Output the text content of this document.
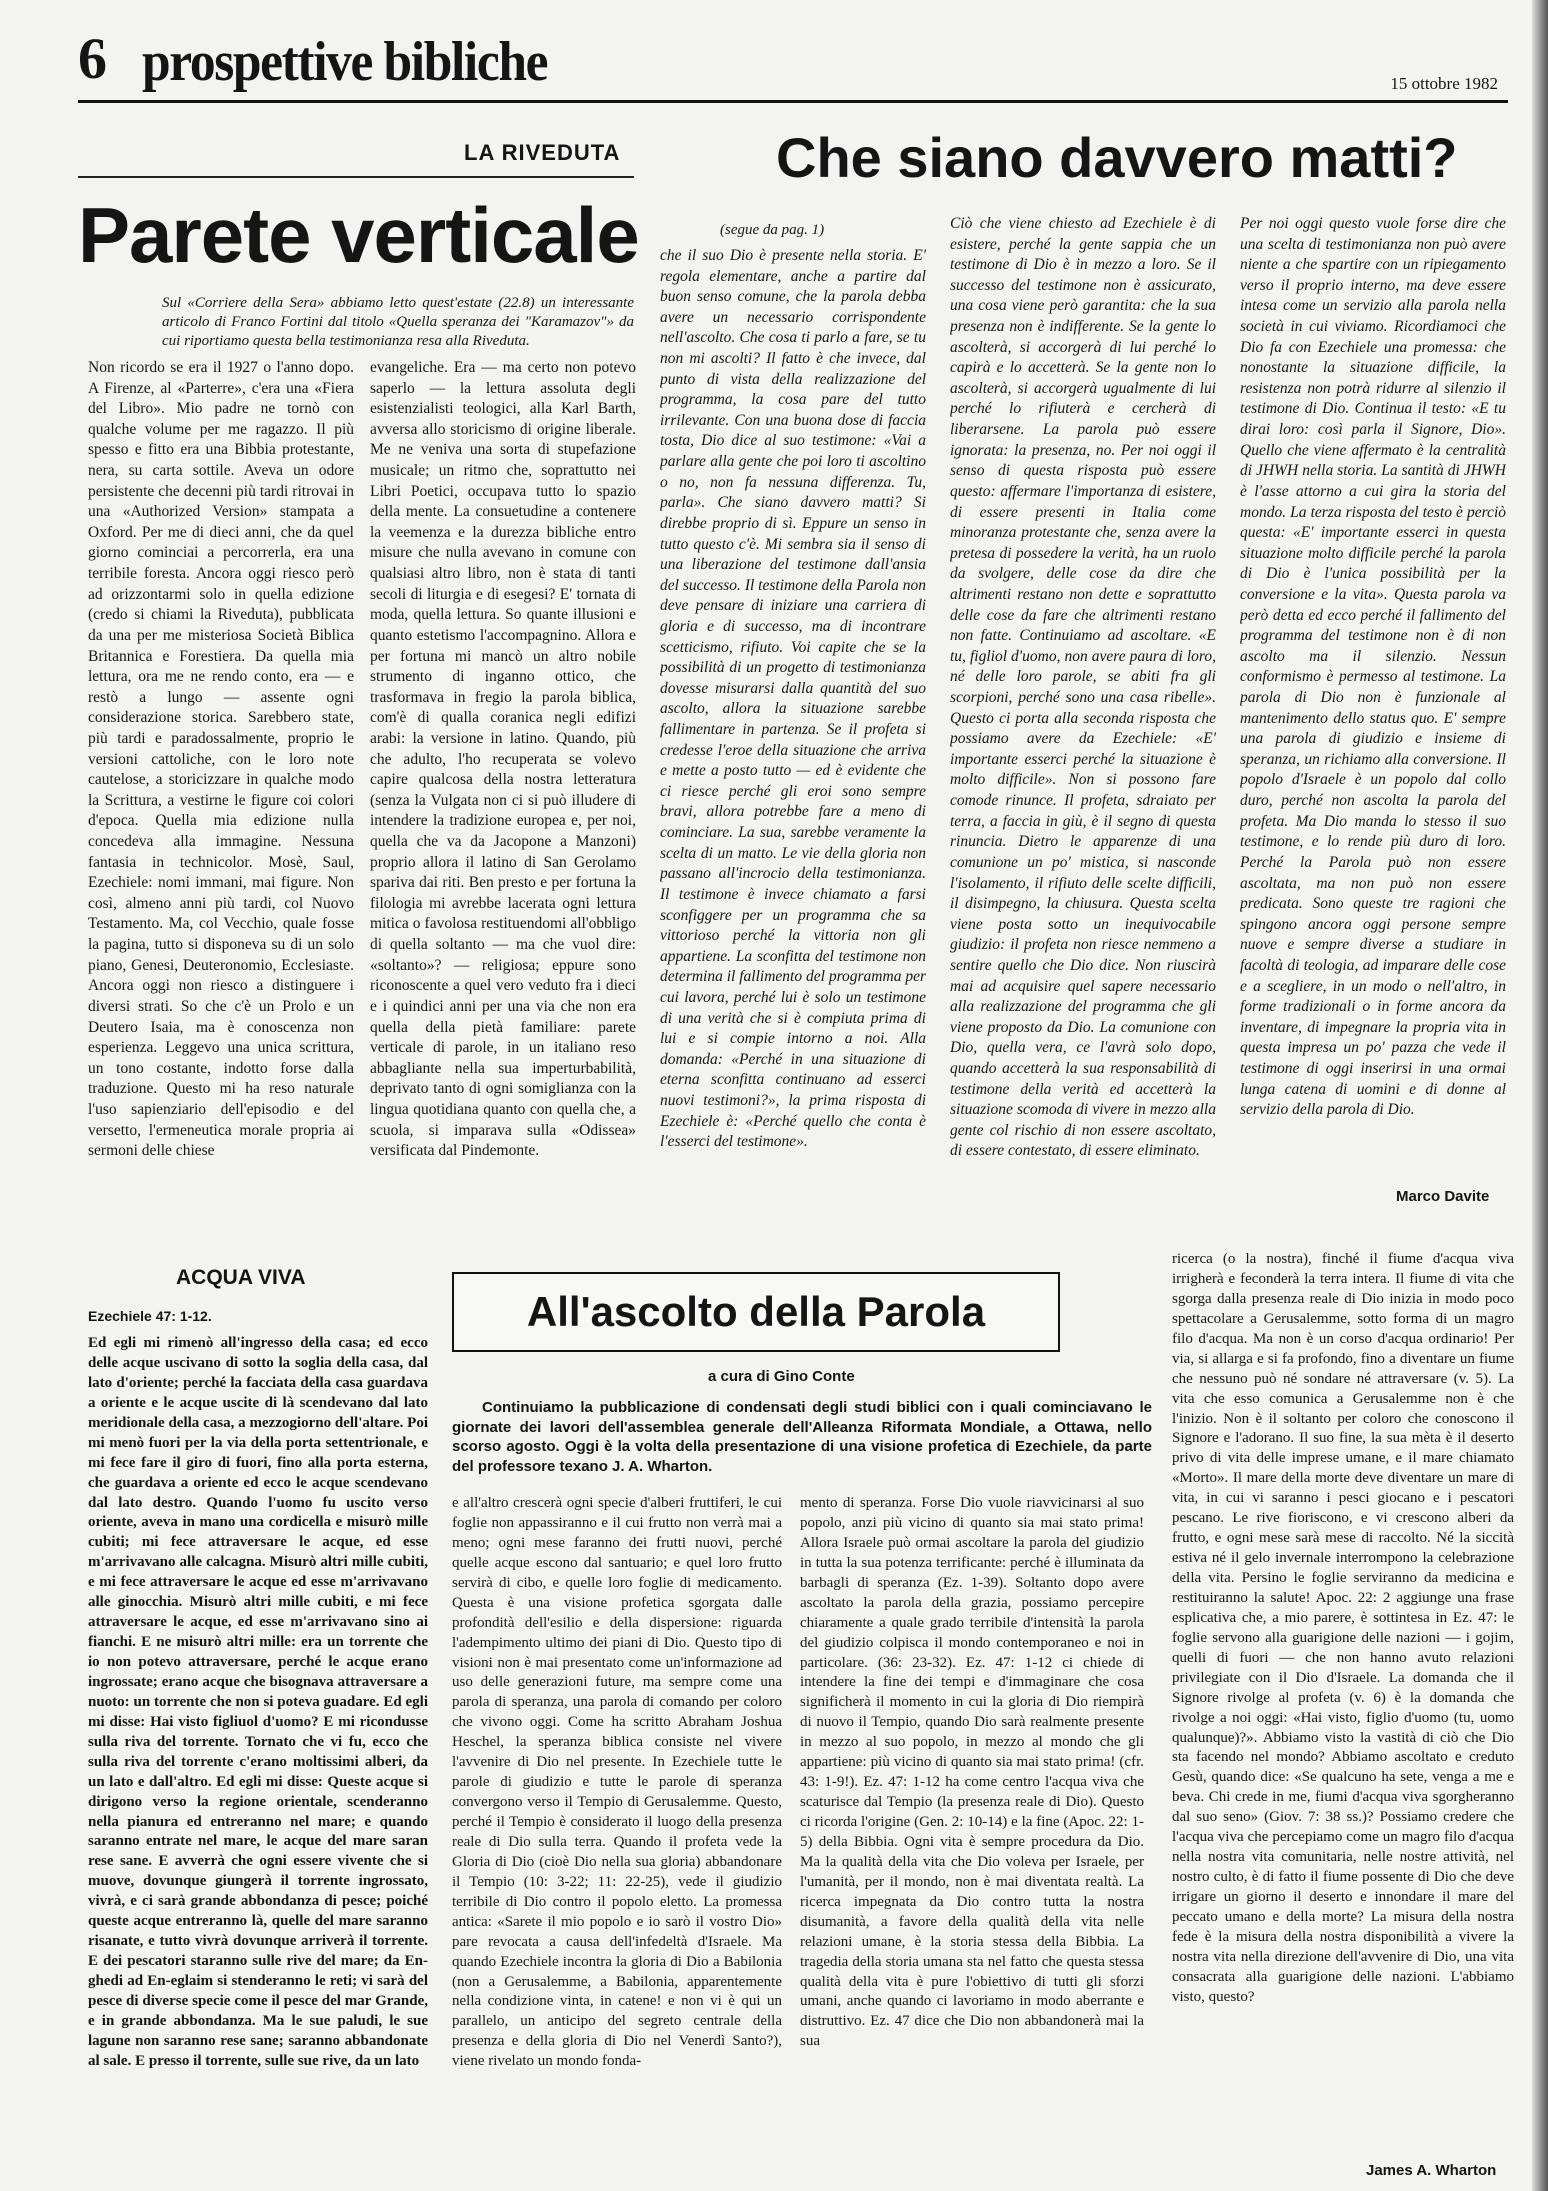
6 prospettive bibliche	15 ottobre 1982
LA RIVEDUTA
Parete verticale
Sul «Corriere della Sera» abbiamo letto quest'estate (22.8) un interessante articolo di Franco Fortini dal titolo «Quella speranza dei "Karamazov"» da cui riportiamo questa bella testimonianza resa alla Riveduta.
Non ricordo se era il 1927 o l'anno dopo. A Firenze, al «Parterre», c'era una «Fiera del Libro». Mio padre ne tornò con qualche volume per me ragazzo. Il più spesso e fitto era una Bibbia protestante, nera, su carta sottile. Aveva un odore persistente che decenni più tardi ritrovai in una «Authorized Version» stampata a Oxford. Per me di dieci anni, che da quel giorno cominciai a percorrerla, era una terribile foresta. Ancora oggi riesco però ad orizzontarmi solo in quella edizione (credo si chiami la Riveduta), pubblicata da una per me misteriosa Società Biblica Britannica e Forestiera. Da quella mia lettura, ora me ne rendo conto, era — e restò a lungo — assente ogni considerazione storica. Sarebbero state, più tardi e paradossalmente, proprio le versioni cattoliche, con le loro note cautelose, a storicizzare in qualche modo la Scrittura, a vestirne le figure coi colori d'epoca. Quella mia edizione nulla concedeva alla immagine. Nessuna fantasia in technicolor. Mosè, Saul, Ezechiele: nomi immani, mai figure. Non così, almeno anni più tardi, col Nuovo Testamento. Ma, col Vecchio, quale fosse la pagina, tutto si disponeva su di un solo piano, Genesi, Deuteronomio, Ecclesiaste. Ancora oggi non riesco a distinguere i diversi strati. So che c'è un Prolo e un Deutero Isaia, ma è conoscenza non esperienza. Leggevo una unica scrittura, un tono costante, indotto forse dalla traduzione. Questo mi ha reso naturale l'uso sapienziario dell'episodio e del versetto, l'ermeneutica morale propria ai sermoni delle chiese
evangeliche. Era — ma certo non potevo saperlo — la lettura assoluta degli esistenzialisti teologici, alla Karl Barth, avversa allo storicismo di origine liberale. Me ne veniva una sorta di stupefazione musicale; un ritmo che, soprattutto nei Libri Poetici, occupava tutto lo spazio della mente. La consuetudine a contenere la veemenza e la durezza bibliche entro misure che nulla avevano in comune con qualsiasi altro libro, non è stata di tanti secoli di liturgia e di esegesi? E' tornata di moda, quella lettura. So quante illusioni e quanto estetismo l'accompagnino. Allora e per fortuna mi mancò un altro nobile strumento di inganno ottico, che trasformava in fregio la parola biblica, com'è di qualla coranica negli edifizi arabi: la versione in latino. Quando, più che adulto, l'ho recuperata se volevo capire qualcosa della nostra letteratura (senza la Vulgata non ci si può illudere di intendere la tradizione europea e, per noi, quella che va da Jacopone a Manzoni) proprio allora il latino di San Gerolamo spariva dai riti. Ben presto e per fortuna la filologia mi avrebbe lacerata ogni lettura mitica o favolosa restituendomi all'obbligo di quella soltanto — ma che vuol dire: «soltanto»? — religiosa; eppure sono riconoscente a quel vero veduto fra i dieci e i quindici anni per una via che non era quella della pietà familiare: parete verticale di parole, in un italiano reso abbagliante nella sua imperturbabilità, deprivato tanto di ogni somiglianza con la lingua quotidiana quanto con quella che, a scuola, si imparava sulla «Odissea» versificata dal Pindemonte.
Che siano davvero matti?
(segue da pag. 1)
che il suo Dio è presente nella storia. E' regola elementare, anche a partire dal buon senso comune, che la parola debba avere un necessario corrispondente nell'ascolto. Che cosa ti parlo a fare, se tu non mi ascolti? Il fatto è che invece, dal punto di vista della realizzazione del programma, la cosa pare del tutto irrilevante. Con una buona dose di faccia tosta, Dio dice al suo testimone: «Vai a parlare alla gente che poi loro ti ascoltino o no, non fa nessuna differenza. Tu, parla». Che siano davvero matti? Si direbbe proprio di sì. Eppure un senso in tutto questo c'è. Mi sembra sia il senso di una liberazione del testimone dall'ansia del successo. Il testimone della Parola non deve pensare di iniziare una carriera di gloria e di successo, ma di incontrare scetticismo, rifiuto. Voi capite che se la possibilità di un progetto di testimonianza dovesse misurarsi dalla quantità del suo ascolto, allora la situazione sarebbe fallimentare in partenza. Se il profeta si credesse l'eroe della situazione che arriva e mette a posto tutto — ed è evidente che ci riesce perché gli eroi sono sempre bravi, allora potrebbe fare a meno di cominciare. La sua, sarebbe veramente la scelta di un matto. Le vie della gloria non passano all'incrocio della testimonianza. Il testimone è invece chiamato a farsi sconfiggere per un programma che sa vittorioso perché la vittoria non gli appartiene. La sconfitta del testimone non determina il fallimento del programma per cui lavora, perché lui è solo un testimone di una verità che si è compiuta prima di lui e si compie intorno a noi. Alla domanda: «Perché in una situazione di eterna sconfitta continuano ad esserci nuovi testimoni?», la prima risposta di Ezechiele è: «Perché quello che conta è l'esserci del testimone».
Ciò che viene chiesto ad Ezechiele è di esistere, perché la gente sappia che un testimone di Dio è in mezzo a loro. Se il successo del testimone non è assicurato, una cosa viene però garantita: che la sua presenza non è indifferente. Se la gente lo ascolterà, si accorgerà di lui perché lo capirà e lo accetterà. Se la gente non lo ascolterà, si accorgerà ugualmente di lui perché lo rifiuterà e cercherà di liberarsene. La parola può essere ignorata: la presenza, no. Per noi oggi il senso di questa risposta può essere questo: affermare l'importanza di esistere, di essere presenti in Italia come minoranza protestante che, senza avere la pretesa di possedere la verità, ha un ruolo da svolgere, delle cose da dire che altrimenti restano non dette e soprattutto delle cose da fare che altrimenti restano non fatte. Continuiamo ad ascoltare. «E tu, figliol d'uomo, non avere paura di loro, né delle loro parole, se abiti fra gli scorpioni, perché sono una casa ribelle». Questo ci porta alla seconda risposta che possiamo avere da Ezechiele: «E' importante esserci perché la situazione è molto difficile». Non si possono fare comode rinunce. Il profeta, sdraiato per terra, a faccia in giù, è il segno di questa rinuncia. Dietro le apparenze di una comunione un po' mistica, si nasconde l'isolamento, il rifiuto delle scelte difficili, il disimpegno, la chiusura. Questa scelta viene posta sotto un inequivocabile giudizio: il profeta non riesce nemmeno a sentire quello che Dio dice. Non riuscirà mai ad acquisire quel sapere necessario alla realizzazione del programma che gli viene proposto da Dio. La comunione con Dio, quella vera, ce l'avrà solo dopo, quando accetterà la sua responsabilità di testimone della verità ed accetterà la situazione scomoda di vivere in mezzo alla gente col rischio di non essere ascoltato, di essere contestato, di essere eliminato.
Per noi oggi questo vuole forse dire che una scelta di testimonianza non può avere niente a che spartire con un ripiegamento verso il proprio interno, ma deve essere intesa come un servizio alla parola nella società in cui viviamo. Ricordiamoci che Dio fa con Ezechiele una promessa: che nonostante la situazione difficile, la resistenza non potrà ridurre al silenzio il testimone di Dio. Continua il testo: «E tu dirai loro: così parla il Signore, Dio». Quello che viene affermato è la centralità di JHWH nella storia. La santità di JHWH è l'asse attorno a cui gira la storia del mondo. La terza risposta del testo è perciò questa: «E' importante esserci in questa situazione molto difficile perché la parola di Dio è l'unica possibilità per la conversione e la vita». Questa parola va però detta ed ecco perché il fallimento del programma del testimone non è di non ascolto ma il silenzio. Nessun conformismo è permesso al testimone. La parola di Dio non è funzionale al mantenimento dello status quo. E' sempre una parola di giudizio e insieme di speranza, un richiamo alla conversione. Il popolo d'Israele è un popolo dal collo duro, perché non ascolta la parola del profeta. Ma Dio manda lo stesso il suo testimone, e lo rende più duro di loro. Perché la Parola può non essere ascoltata, ma non può non essere predicata. Sono queste tre ragioni che spingono ancora oggi persone sempre nuove e sempre diverse a studiare in facoltà di teologia, ad imparare delle cose e a scegliere, in un modo o nell'altro, in forme tradizionali o in forme ancora da inventare, di impegnare la propria vita in questa impresa un po' pazza che vede il testimone di oggi inserirsi in una ormai lunga catena di uomini e di donne al servizio della parola di Dio.
Marco Davite
ACQUA VIVA
Ezechiele 47: 1-12.
Ed egli mi rimenò all'ingresso della casa; ed ecco delle acque uscivano di sotto la soglia della casa, dal lato d'oriente; perché la facciata della casa guardava a oriente e le acque uscite di là scendevano dal lato meridionale della casa, a mezzogiorno dell'altare. Poi mi menò fuori per la via della porta settentrionale, e mi fece fare il giro di fuori, fino alla porta esterna, che guardava a oriente ed ecco le acque scendevano dal lato destro. Quando l'uomo fu uscito verso oriente, aveva in mano una cordicella e misurò mille cubiti; mi fece attraversare le acque, ed esse m'arrivavano alle calcagna. Misurò altri mille cubiti, e mi fece attraversare le acque ed esse m'arrivavano alle ginocchia. Misurò altri mille cubiti, e mi fece attraversare le acque, ed esse m'arrivavano sino ai fianchi. E ne misurò altri mille: era un torrente che io non potevo attraversare, perché le acque erano ingrossate; erano acque che bisognava attraversare a nuoto: un torrente che non si poteva guadare. Ed egli mi disse: Hai visto figliuol d'uomo? E mi ricondusse sulla riva del torrente. Tornato che vi fu, ecco che sulla riva del torrente c'erano moltissimi alberi, da un lato e dall'altro. Ed egli mi disse: Queste acque si dirigono verso la regione orientale, scenderanno nella pianura ed entreranno nel mare; e quando saranno entrate nel mare, le acque del mare saran rese sane. E avverrà che ogni essere vivente che si muove, dovunque giungerà il torrente ingrossato, vivrà, e ci sarà grande abbondanza di pesce; poiché queste acque entreranno là, quelle del mare saranno risanate, e tutto vivrà dovunque arriverà il torrente. E dei pescatori staranno sulle rive del mare; da En-ghedi ad En-eglaim si stenderanno le reti; vi sarà del pesce di diverse specie come il pesce del mar Grande, e in grande abbondanza. Ma le sue paludi, le sue lagune non saranno rese sane; saranno abbandonate al sale. E presso il torrente, sulle sue rive, da un lato
All'ascolto della Parola
a cura di Gino Conte
Continuiamo la pubblicazione di condensati degli studi biblici con i quali cominciavano le giornate dei lavori dell'assemblea generale dell'Alleanza Riformata Mondiale, a Ottawa, nello scorso agosto. Oggi è la volta della presentazione di una visione profetica di Ezechiele, da parte del professore texano J. A. Wharton.
e all'altro crescerà ogni specie d'alberi fruttiferi, le cui foglie non appassiranno e il cui frutto non verrà mai a meno; ogni mese faranno dei frutti nuovi, perché quelle acque escono dal santuario; e quel loro frutto servirà di cibo, e quelle loro foglie di medicamento. Questa è una visione profetica sgorgata dalle profondità dell'esilio e della dispersione: riguarda l'adempimento ultimo dei piani di Dio. Questo tipo di visioni non è mai presentato come un'informazione ad uso delle generazioni future, ma sempre come una parola di speranza, una parola di comando per coloro che vivono oggi. Come ha scritto Abraham Joshua Heschel, la speranza biblica consiste nel vivere l'avvenire di Dio nel presente. In Ezechiele tutte le parole di giudizio e tutte le parole di speranza convergono verso il Tempio di Gerusalemme. Questo, perché il Tempio è considerato il luogo della presenza reale di Dio sulla terra. Quando il profeta vede la Gloria di Dio (cioè Dio nella sua gloria) abbandonare il Tempio (10: 3-22; 11: 22-25), vede il giudizio terribile di Dio contro il popolo eletto. La promessa antica: «Sarete il mio popolo e io sarò il vostro Dio» pare revocata a causa dell'infedeltà d'Israele. Ma quando Ezechiele incontra la gloria di Dio a Babilonia (non a Gerusalemme, a Babilonia, apparentemente nella condizione vinta, in catene! e non vi è qui un parallelo, un anticipo del segreto centrale della presenza e della gloria di Dio nel Venerdì Santo?), viene rivelato un mondo fonda-
mento di speranza. Forse Dio vuole riavvicinarsi al suo popolo, anzi più vicino di quanto sia mai stato prima! Allora Israele può ormai ascoltare la parola del giudizio in tutta la sua potenza terrificante: perché è illuminata da barbagli di speranza (Ez. 1-39). Soltanto dopo avere ascoltato la parola della grazia, possiamo percepire chiaramente a quale grado terribile d'intensità la parola del giudizio colpisca il mondo contemporaneo e noi in particolare. (36: 23-32). Ez. 47: 1-12 ci chiede di intendere la fine dei tempi e d'immaginare che cosa significherà il momento in cui la gloria di Dio riempirà di nuovo il Tempio, quando Dio sarà realmente presente in mezzo al suo popolo, in mezzo al mondo che gli appartiene: più vicino di quanto sia mai stato prima! (cfr. 43: 1-9!). Ez. 47: 1-12 ha come centro l'acqua viva che scaturisce dal Tempio (la presenza reale di Dio). Questo ci ricorda l'origine (Gen. 2: 10-14) e la fine (Apoc. 22: 1-5) della Bibbia. Ogni vita è sempre procedura da Dio. Ma la qualità della vita che Dio voleva per Israele, per l'umanità, per il mondo, non è mai diventata realtà. La ricerca impegnata da Dio contro tutta la nostra disumanità, a favore della qualità della vita nelle relazioni umane, è la storia stessa della Bibbia. La tragedia della storia umana sta nel fatto che questa stessa qualità della vita è pure l'obiettivo di tutti gli sforzi umani, anche quando ci lavoriamo in modo aberrante e distruttivo. Ez. 47 dice che Dio non abbandonerà mai la sua
ricerca (o la nostra), finché il fiume d'acqua viva irrigherà e feconderà la terra intera. Il fiume di vita che sgorga dalla presenza reale di Dio inizia in modo poco spettacolare a Gerusalemme, sotto forma di un magro filo d'acqua. Ma non è un corso d'acqua ordinario! Per via, si allarga e si fa profondo, fino a diventare un fiume che nessuno può né sondare né attraversare (v. 5). La vita che esso comunica a Gerusalemme non è che l'inizio. Non è il soltanto per coloro che conoscono il Signore e l'adorano. Il suo fine, la sua mèta è il deserto privo di vita delle imprese umane, e il mare chiamato «Morto». Il mare della morte deve diventare un mare di vita, in cui vi saranno i pesci giocano e i pescatori pescano. Le rive fioriscono, e vi crescono alberi da frutto, e ogni mese sarà mese di raccolto. Né la siccità estiva né il gelo invernale interrompono la celebrazione della vita. Persino le foglie serviranno da medicina e restituiranno la salute! Apoc. 22: 2 aggiunge una frase esplicativa che, a mio parere, è sottintesa in Ez. 47: le foglie servono alla guarigione delle nazioni — i gojim, quelli di fuori — che non hanno avuto relazioni privilegiate con il Dio d'Israele. La domanda che il Signore rivolge al profeta (v. 6) è la domanda che rivolge a noi oggi: «Hai visto, figlio d'uomo (tu, uomo qualunque)?». Abbiamo visto la vastità di ciò che Dio sta facendo nel mondo? Abbiamo ascoltato e creduto Gesù, quando dice: «Se qualcuno ha sete, venga a me e beva. Chi crede in me, fiumi d'acqua viva sgorgheranno dal suo seno» (Giov. 7: 38 ss.)? Possiamo credere che l'acqua viva che percepiamo come un magro filo d'acqua nella nostra vita comunitaria, nelle nostre attività, nel nostro culto, è di fatto il fiume possente di Dio che deve irrigare un giorno il deserto e innondare il mare del peccato umano e della morte? La misura della nostra fede è la misura della nostra disponibilità a vivere la nostra vita nella direzione dell'avvenire di Dio, una vita consacrata alla guarigione delle nazioni. L'abbiamo visto, questo?
James A. Wharton
